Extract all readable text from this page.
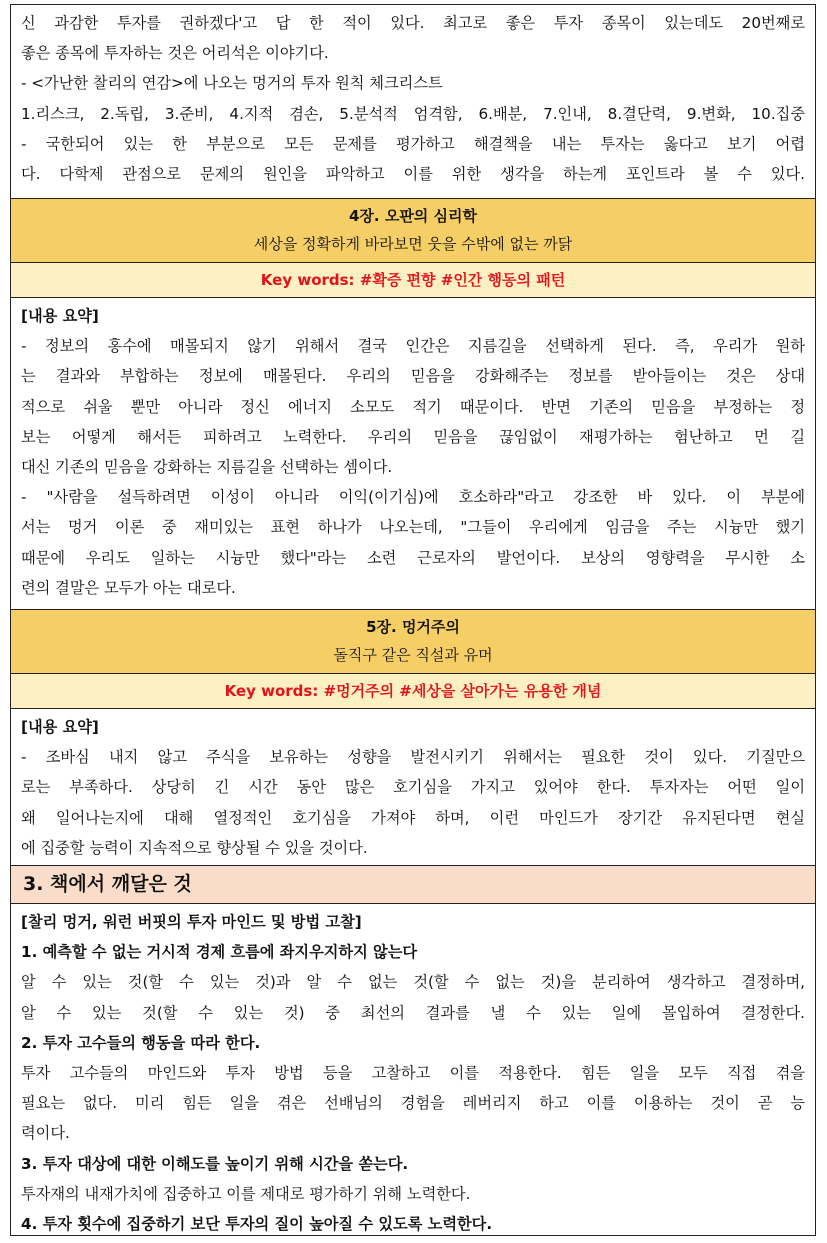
신 과감한 투자를 권하겠다'고 답 한 적이 있다. 최고로 좋은 투자 종목이 있는데도 20번째로
좋은 종목에 투자하는 것은 어리석은 이야기다.
- <가난한 찰리의 연감>에 나오는 멍거의 투자 원칙 체크리스트
1.리스크, 2.독립, 3.준비, 4.지적 겸손, 5.분석적 엄격함, 6.배분, 7.인내, 8.결단력, 9.변화, 10.집중
- 국한되어 있는 한 부분으로 모든 문제를 평가하고 해결책을 내는 투자는 옳다고 보기 어렵
다. 다학제 관점으로 문제의 원인을 파악하고 이를 위한 생각을 하는게 포인트라 볼 수 있다.
4장. 오판의 심리학
세상을 정확하게 바라보면 웃을 수밖에 없는 까닭
Key words: #확증 편향 #인간 행동의 패턴
[내용 요약]
- 정보의 홍수에 매몰되지 않기 위해서 결국 인간은 지름길을 선택하게 된다. 즉, 우리가 원하
는 결과와 부합하는 정보에 매몰된다. 우리의 믿음을 강화해주는 정보를 받아들이는 것은 상대
적으로 쉬울 뿐만 아니라 정신 에너지 소모도 적기 때문이다. 반면 기존의 믿음을 부정하는 정
보는 어떻게 해서든 피하려고 노력한다. 우리의 믿음을 끊임없이 재평가하는 험난하고 먼 길
대신 기존의 믿음을 강화하는 지름길을 선택하는 셈이다.
- "사람을 설득하려면 이성이 아니라 이익(이기심)에 호소하라"라고 강조한 바 있다. 이 부분에
서는 멍거 이론 중 재미있는 표현 하나가 나오는데, "그들이 우리에게 임금을 주는 시늉만 했기
때문에 우리도 일하는 시늉만 했다"라는 소련 근로자의 발언이다. 보상의 영향력을 무시한 소
련의 결말은 모두가 아는 대로다.
5장. 멍거주의
돌직구 같은 직설과 유머
Key words: #멍거주의 #세상을 살아가는 유용한 개념
[내용 요약]
- 조바심 내지 않고 주식을 보유하는 성향을 발전시키기 위해서는 필요한 것이 있다. 기질만으
로는 부족하다. 상당히 긴 시간 동안 많은 호기심을 가지고 있어야 한다. 투자자는 어떤 일이
왜 일어나는지에 대해 열정적인 호기심을 가져야 하며, 이런 마인드가 장기간 유지된다면 현실
에 집중할 능력이 지속적으로 향상될 수 있을 것이다.
3. 책에서 깨달은 것
[찰리 멍거, 워런 버핏의 투자 마인드 및 방법 고찰]
1. 예측할 수 없는 거시적 경제 흐름에 좌지우지하지 않는다
알 수 있는 것(할 수 있는 것)과 알 수 없는 것(할 수 없는 것)을 분리하여 생각하고 결정하며,
알 수 있는 것(할 수 있는 것) 중 최선의 결과를 낼 수 있는 일에 몰입하여 결정한다.
2. 투자 고수들의 행동을 따라 한다.
투자 고수들의 마인드와 투자 방법 등을 고찰하고 이를 적용한다. 힘든 일을 모두 직접 겪을
필요는 없다. 미리 힘든 일을 겪은 선배님의 경험을 레버리지 하고 이를 이용하는 것이 곧 능
력이다.
3. 투자 대상에 대한 이해도를 높이기 위해 시간을 쏟는다.
투자재의 내재가치에 집중하고 이를 제대로 평가하기 위해 노력한다.
4. 투자 횟수에 집중하기 보단 투자의 질이 높아질 수 있도록 노력한다.
